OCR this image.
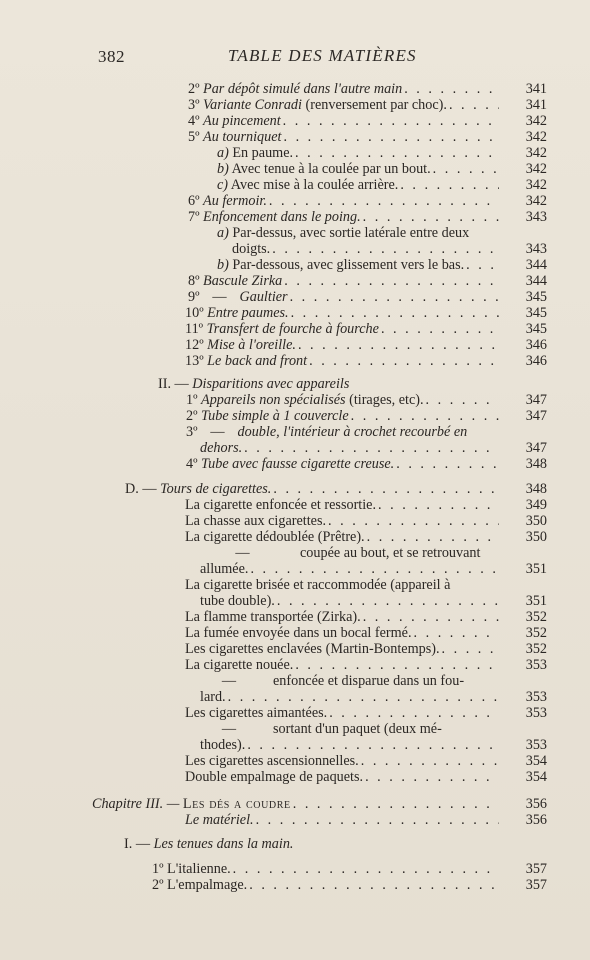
382	TABLE DES MATIÈRES
2º Par dépôt simulé dans l'autre main . . .	341
3º Variante Conradi (renversement par choc). . . .	341
4º Au pincement . . .	342
5º Au tourniquet . . .	342
a) En paume. . . .	342
b) Avec tenue à la coulée par un bout. . . .	342
c) Avec mise à la coulée arrière. . . .	342
6º Au fermoir. . . .	342
7º Enfoncement dans le poing. . . .	343
a) Par-dessus, avec sortie latérale entre deux
doigts. . . .	343
b) Par-dessous, avec glissement vers le bas. . . .	344
8º Bascule Zirka . . .	344
9º — Gaultier . . .	345
10º Entre paumes. . . .	345
11º Transfert de fourche à fourche . . .	345
12º Mise à l'oreille. . . .	346
13º Le back and front . . .	346
II. — Disparitions avec appareils
1º Appareils non spécialisés (tirages, etc). . . .	347
2º Tube simple à 1 couvercle . . .	347
3º — double, l'intérieur à crochet recourbé en
dehors. . . .	347
4º Tube avec fausse cigarette creuse. . . .	348
D. — Tours de cigarettes. . . .	348
La cigarette enfoncée et ressortie. . . .	349
La chasse aux cigarettes. . . .	350
La cigarette dédoublée (Prêtre). . . .	350
—	coupée au bout, et se retrouvant
allumée. . . .	351
La cigarette brisée et raccommodée (appareil à
tube double). . . .	351
La flamme transportée (Zirka). . . .	352
La fumée envoyée dans un bocal fermé. . . .	352
Les cigarettes enclavées (Martin-Bontemps). . . .	352
La cigarette nouée. . . .	353
—	enfoncée et disparue dans un fou-
lard. . . .	353
Les cigarettes aimantées. . . .	353
—	sortant d'un paquet (deux mé-
thodes). . . .	353
Les cigarettes ascensionnelles. . . .	354
Double empalmage de paquets. . . .	354
Chapitre III. — Les dés a coudre . . .	356
Le matériel. . . .	356
I. — Les tenues dans la main.
1º L'italienne. . . .	357
2º L'empalmage. . . .	357
